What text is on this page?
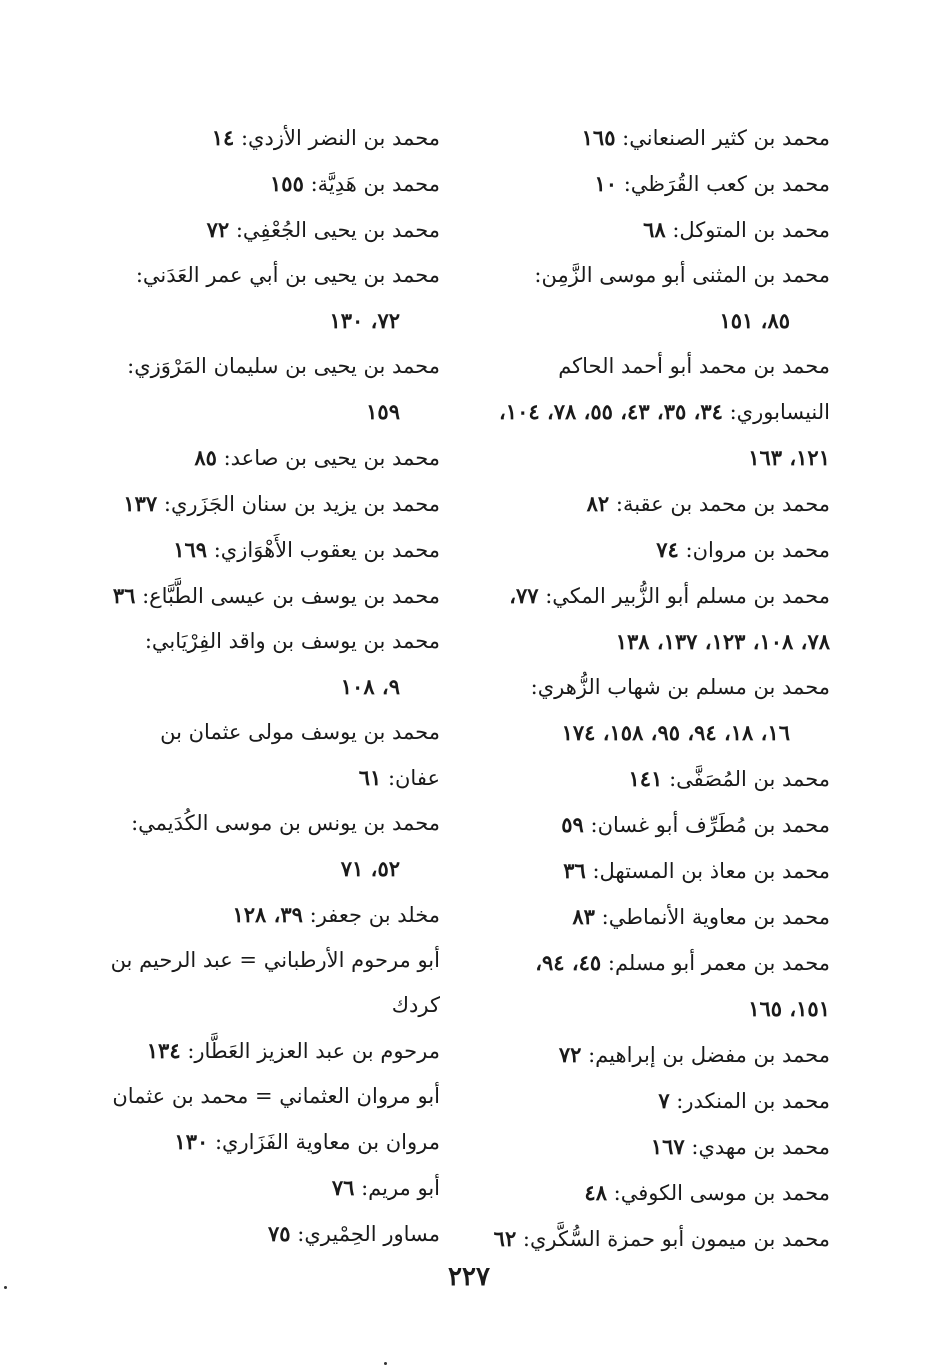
محمد بن كثير الصنعاني: ١٦٥
محمد بن كعب القُرَظي: ١٠
محمد بن المتوكل: ٦٨
محمد بن المثنى أبو موسى الزَّمِن:
٨٥، ١٥١
محمد بن محمد أبو أحمد الحاكم النيسابوري: ٣٤، ٣٥، ٤٣، ٥٥، ٧٨، ١٠٤، ١٢١، ١٦٣
محمد بن محمد بن عقبة: ٨٢
محمد بن مروان: ٧٤
محمد بن مسلم أبو الزُّبير المكي: ٧٧، ٧٨، ١٠٨، ١٢٣، ١٣٧، ١٣٨
محمد بن مسلم بن شهاب الزُّهري:
١٦، ١٨، ٩٤، ٩٥، ١٥٨، ١٧٤
محمد بن المُصَفَّى: ١٤١
محمد بن مُطَرِّف أبو غسان: ٥٩
محمد بن معاذ بن المستهل: ٣٦
محمد بن معاوية الأنماطي: ٨٣
محمد بن معمر أبو مسلم: ٤٥، ٩٤، ١٥١، ١٦٥
محمد بن مفضل بن إبراهيم: ٧٢
محمد بن المنكدر: ٧
محمد بن مهدي: ١٦٧
محمد بن موسى الكوفي: ٤٨
محمد بن ميمون أبو حمزة السُّكَّري: ٦٢
محمد بن النضر الأزدي: ١٤
محمد بن هَدِيَّة: ١٥٥
محمد بن يحيى الجُعْفِي: ٧٢
محمد بن يحيى بن أبي عمر العَدَني:
٧٢، ١٣٠
محمد بن يحيى بن سليمان المَرْوَزي:
١٥٩
محمد بن يحيى بن صاعد: ٨٥
محمد بن يزيد بن سنان الجَزَري: ١٣٧
محمد بن يعقوب الأَهْوَازي: ١٦٩
محمد بن يوسف بن عيسى الطَّبَّاع: ٣٦
محمد بن يوسف بن واقد الفِرْيَابي:
٩، ١٠٨
محمد بن يوسف مولى عثمان بن عفان: ٦١
محمد بن يونس بن موسى الكُدَيمي:
٥٢، ٧١
مخلد بن جعفر: ٣٩، ١٢٨
أبو مرحوم الأرطباني = عبد الرحيم بن كردك
مرحوم بن عبد العزيز العَطَّار: ١٣٤
أبو مروان العثماني = محمد بن عثمان
مروان بن معاوية الفَزَاري: ١٣٠
أبو مريم: ٧٦
مساور الحِمْيري: ٧٥
٢٢٧
